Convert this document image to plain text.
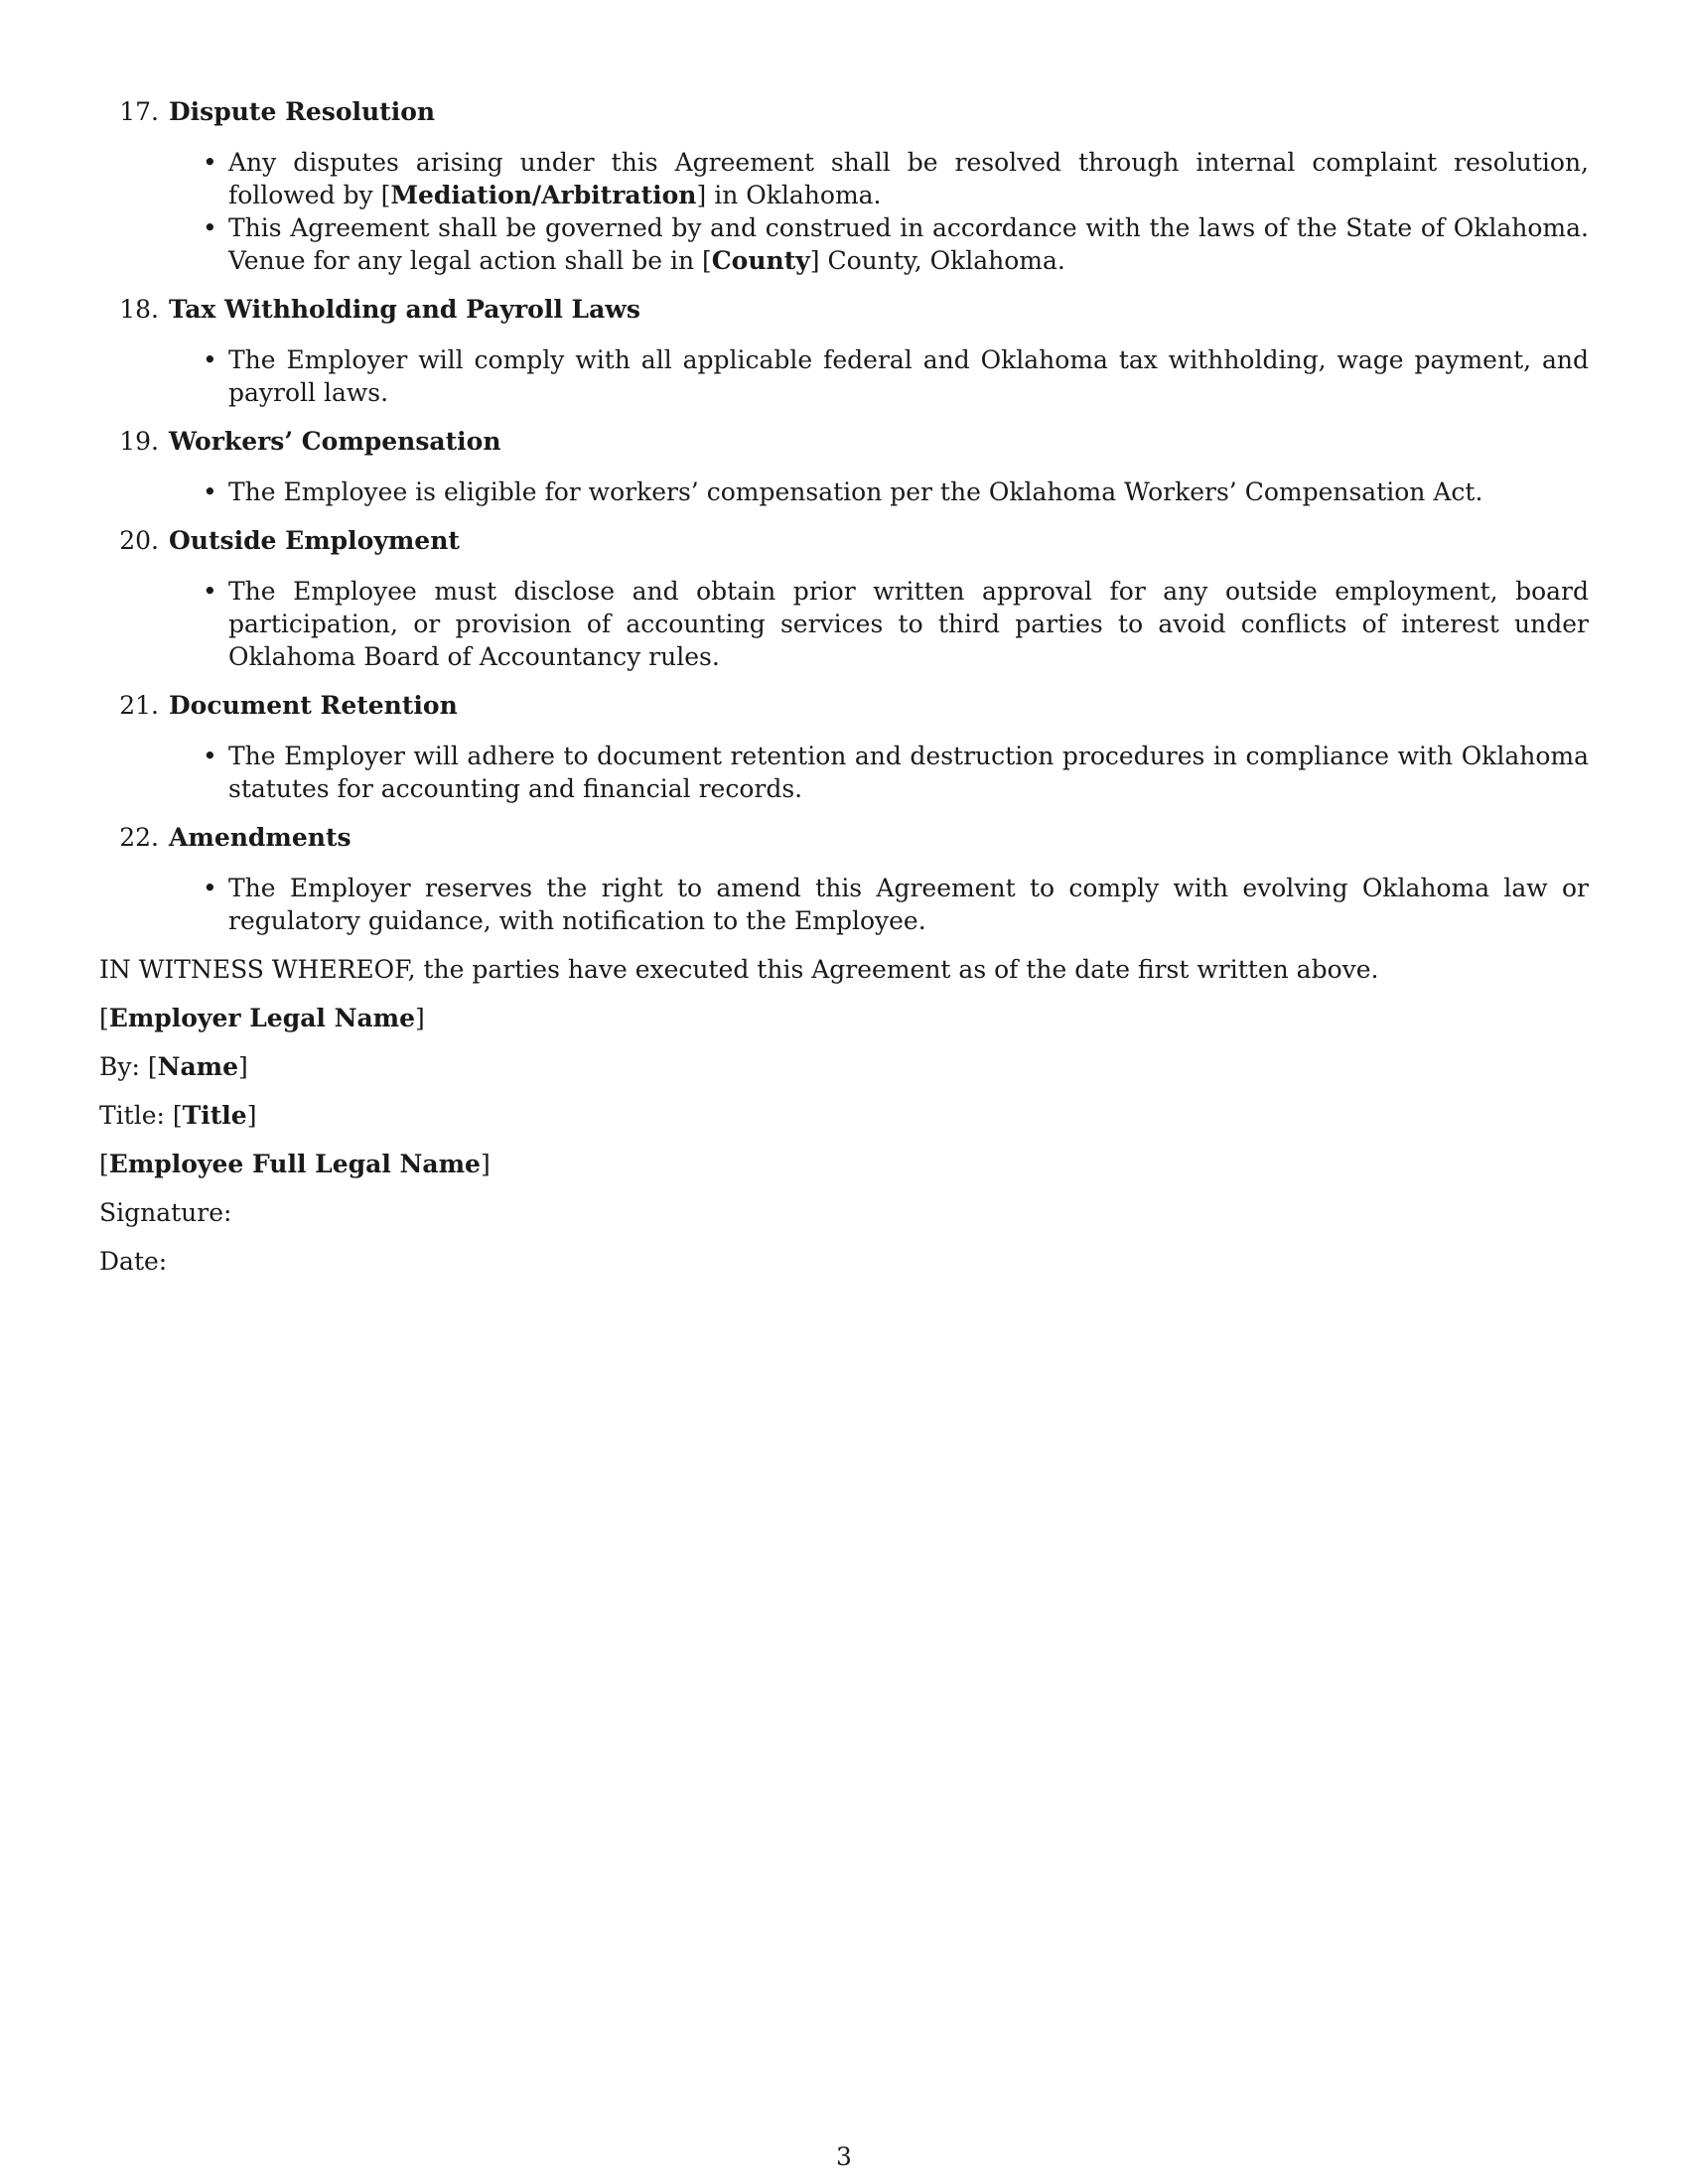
17. Dispute Resolution
• Any disputes arising under this Agreement shall be resolved through internal complaint resolution, followed by [Mediation/Arbitration] in Oklahoma.
• This Agreement shall be governed by and construed in accordance with the laws of the State of Oklahoma. Venue for any legal action shall be in [County] County, Oklahoma.
18. Tax Withholding and Payroll Laws
• The Employer will comply with all applicable federal and Oklahoma tax withholding, wage payment, and payroll laws.
19. Workers’ Compensation
• The Employee is eligible for workers’ compensation per the Oklahoma Workers’ Compensation Act.
20. Outside Employment
• The Employee must disclose and obtain prior written approval for any outside employment, board participation, or provision of accounting services to third parties to avoid conflicts of interest under Oklahoma Board of Accountancy rules.
21. Document Retention
• The Employer will adhere to document retention and destruction procedures in compliance with Oklahoma statutes for accounting and financial records.
22. Amendments
• The Employer reserves the right to amend this Agreement to comply with evolving Oklahoma law or regulatory guidance, with notification to the Employee.
IN WITNESS WHEREOF, the parties have executed this Agreement as of the date first written above.
[Employer Legal Name]
By: [Name]
Title: [Title]
[Employee Full Legal Name]
Signature:
Date:
3
